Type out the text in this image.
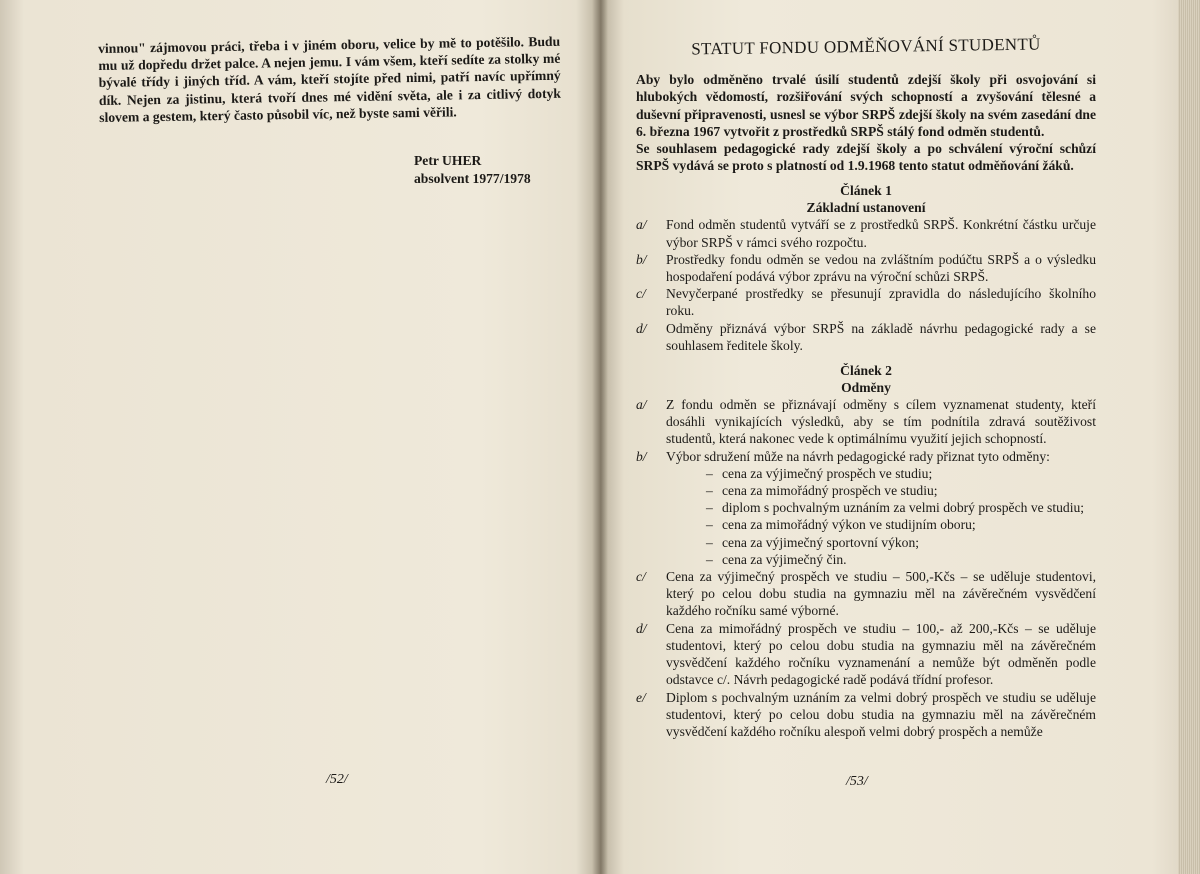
vinnou" zájmovou práci, třeba i v jiném oboru, velice by mě to potěšilo. Budu mu už dopředu držet palce. A nejen jemu. I vám všem, kteří sedíte za stolky mé bývalé třídy i jiných tříd. A vám, kteří stojíte před nimi, patří navíc upřímný dík. Nejen za jistinu, která tvoří dnes mé vidění světa, ale i za citlivý dotyk slovem a gestem, který často působil víc, než byste sami věřili.

Petr UHER
absolvent 1977/1978
/52/
STATUT FONDU ODMĚŇOVÁNÍ STUDENTŮ

Aby bylo odměněno trvalé úsilí studentů zdejší školy při osvojování si hlubokých vědomostí, rozšiřování svých schopností a zvyšování tělesné a duševní připravenosti, usnesl se výbor SRPŠ zdejší školy na svém zasedání dne 6. března 1967 vytvořit z prostředků SRPŠ stálý fond odměn studentů.

Se souhlasem pedagogické rady zdejší školy a po schválení výroční schůzí SRPŠ vydává se proto s platností od 1.9.1968 tento statut odměňování žáků.

Článek 1
Základní ustanovení
a/	Fond odměn studentů vytváří se z prostředků SRPŠ. Konkrétní částku určuje výbor SRPŠ v rámci svého rozpočtu.
b/	Prostředky fondu odměn se vedou na zvláštním podúčtu SRPŠ a o výsledku hospodaření podává výbor zprávu na výroční schůzi SRPŠ.
c/	Nevyčerpané prostředky se přesunují zpravidla do následujícího školního roku.
d/	Odměny přiznává výbor SRPŠ na základě návrhu pedagogické rady a se souhlasem ředitele školy.
Článek 2
Odměny
a/	Z fondu odměn se přiznávají odměny s cílem vyznamenat studenty, kteří dosáhli vynikajících výsledků, aby se tím podnítila zdravá soutěživost studentů, která nakonec vede k optimálnímu využití jejich schopností.
b/	Výbor sdružení může na návrh pedagogické rady přiznat tyto odměny:
– cena za výjimečný prospěch ve studiu;
– cena za mimořádný prospěch ve studiu;
– diplom s pochvalným uznáním za velmi dobrý prospěch ve studiu;
– cena za mimořádný výkon ve studijním oboru;
– cena za výjimečný sportovní výkon;
– cena za výjimečný čin.
c/	Cena za výjimečný prospěch ve studiu – 500,-Kčs – se uděluje studentovi, který po celou dobu studia na gymnaziu měl na závěrečném vysvědčení každého ročníku samé výborné.
d/	Cena za mimořádný prospěch ve studiu – 100,- až 200,-Kčs – se uděluje studentovi, který po celou dobu studia na gymnaziu měl na závěrečném vysvědčení každého ročníku vyznamenání a nemůže být odměněn podle odstavce c/. Návrh pedagogické radě podává třídní profesor.
e/	Diplom s pochvalným uznáním za velmi dobrý prospěch ve studiu se uděluje studentovi, který po celou dobu studia na gymnaziu měl na závěrečném vysvědčení každého ročníku alespoň velmi dobrý prospěch a nemůže
/53/
